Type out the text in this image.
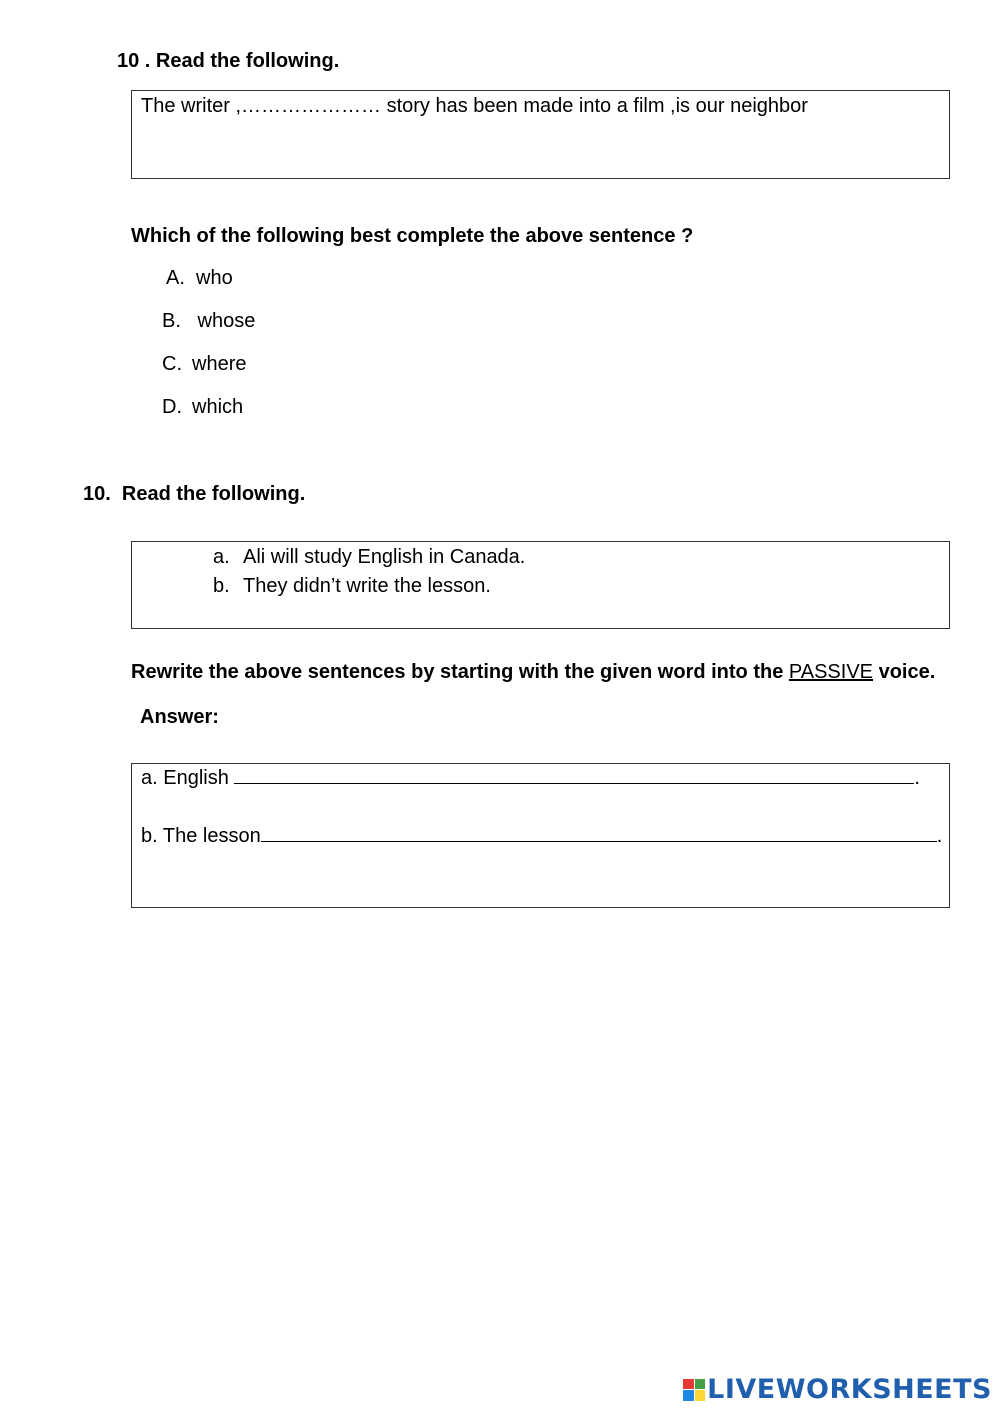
10 . Read the following.
The writer ,………………… story has been made into a film ,is our neighbor
Which of the following best complete the above sentence ?
A. who
B. whose
C. where
D. which
10.  Read the following.
a. Ali will study English in Canada.
b. They didn’t write the lesson.
Rewrite the above sentences by starting with the given word into the PASSIVE voice.
Answer:
a. English	.
b. The lesson	.
LIVEWORKSHEETS
